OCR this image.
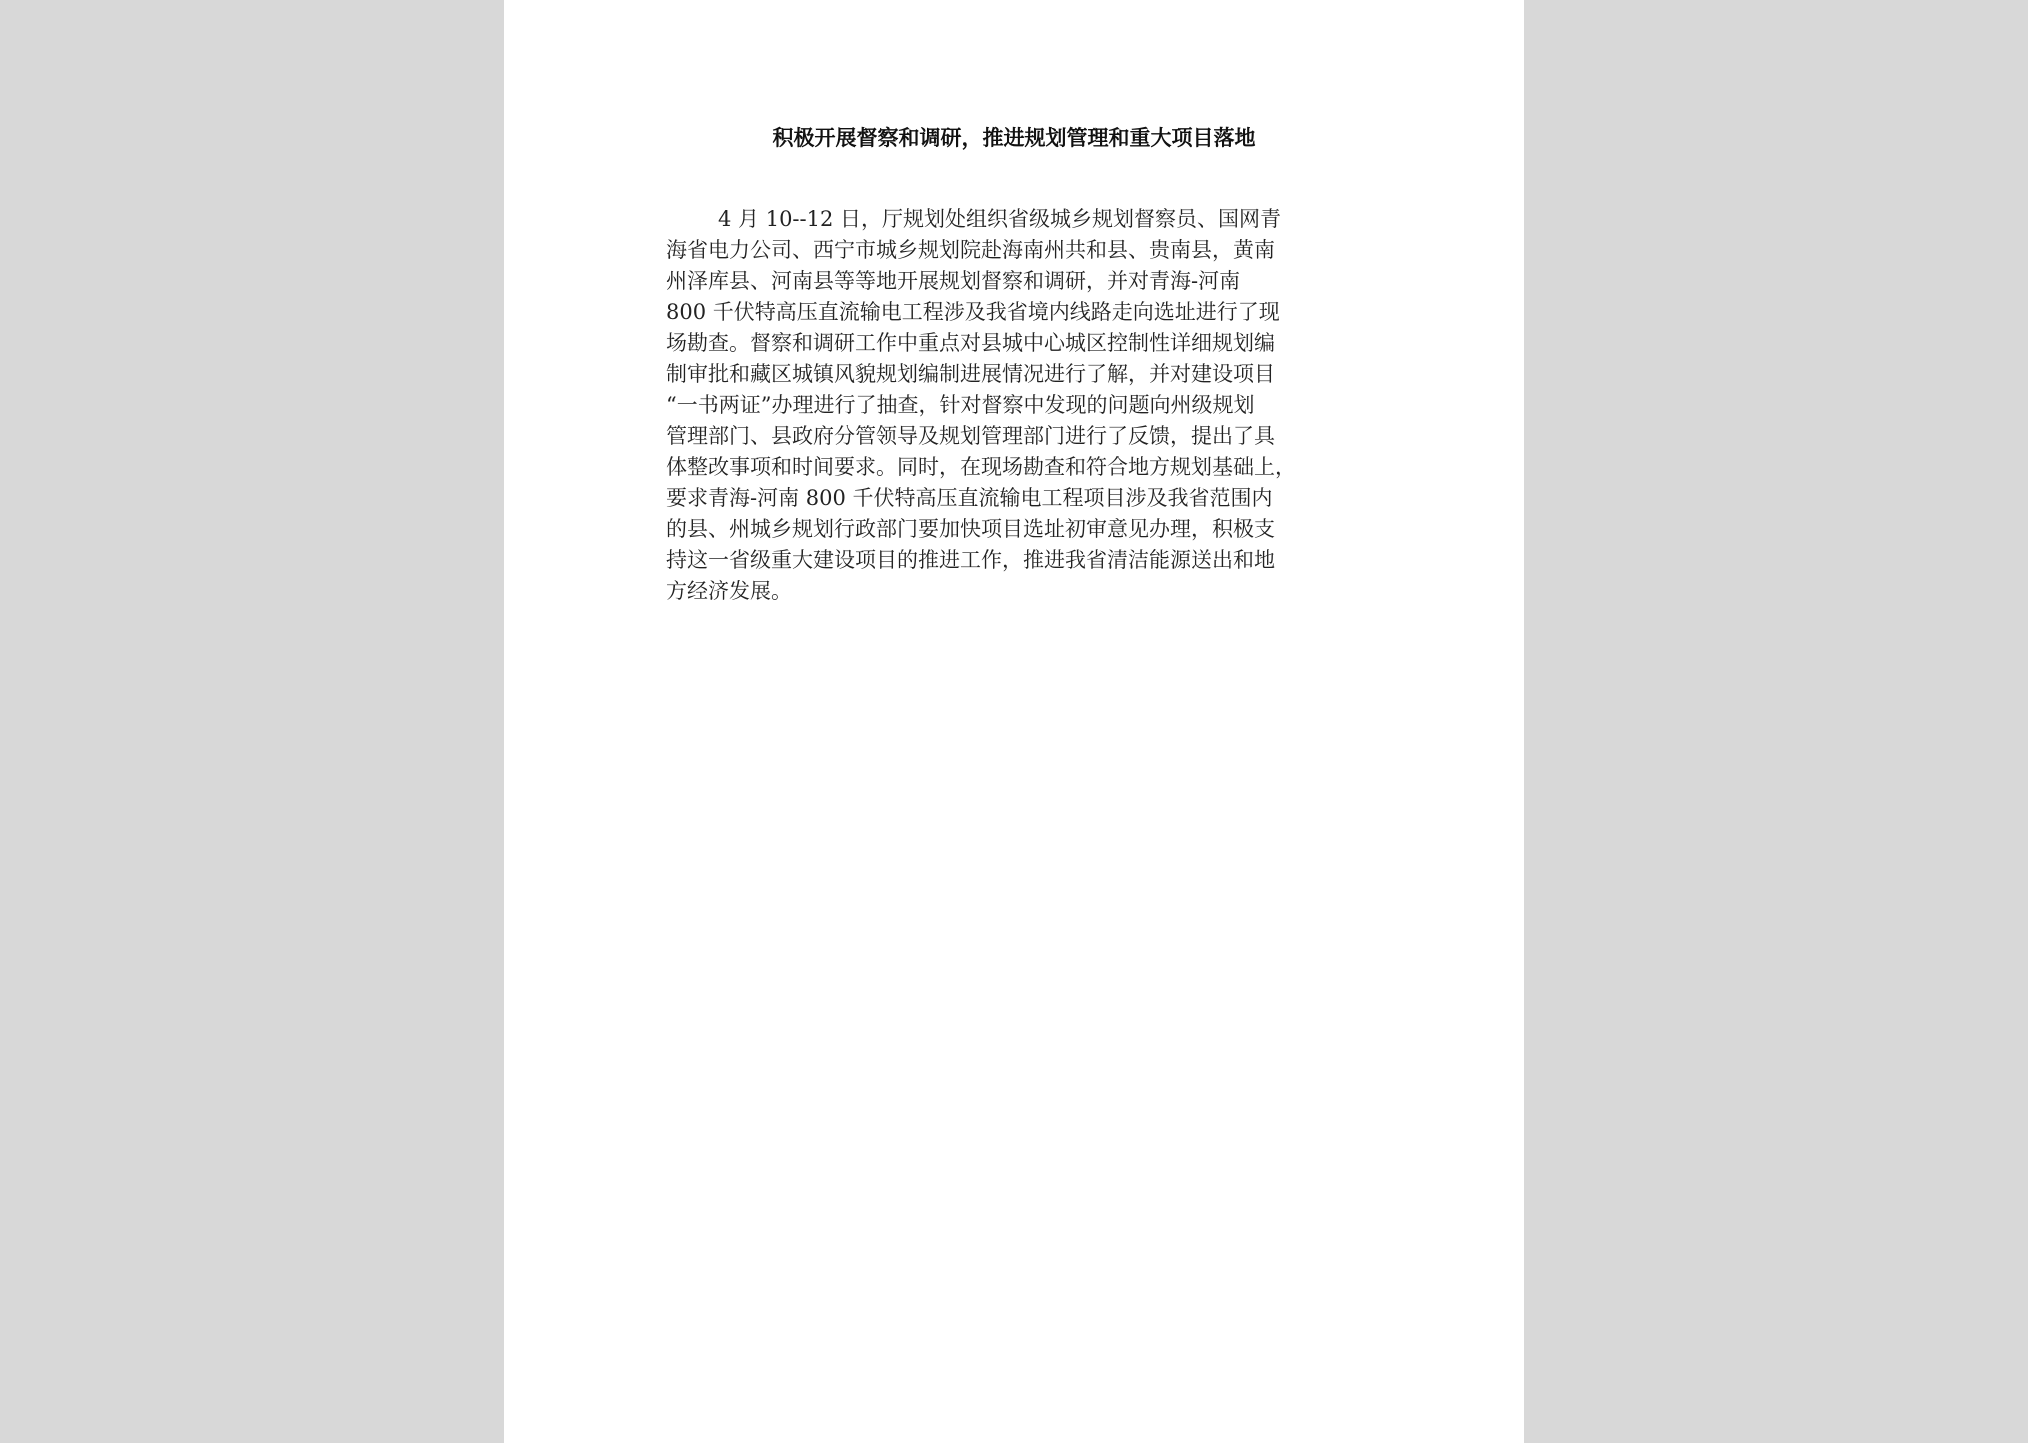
积极开展督察和调研，推进规划管理和重大项目落地
4 月 10--12 日，厅规划处组织省级城乡规划督察员、国网青
海省电力公司、西宁市城乡规划院赴海南州共和县、贵南县，黄南
州泽库县、河南县等等地开展规划督察和调研，并对青海-河南
800 千伏特高压直流输电工程涉及我省境内线路走向选址进行了现
场勘查。督察和调研工作中重点对县城中心城区控制性详细规划编
制审批和藏区城镇风貌规划编制进展情况进行了解，并对建设项目
“一书两证”办理进行了抽查，针对督察中发现的问题向州级规划
管理部门、县政府分管领导及规划管理部门进行了反馈，提出了具
体整改事项和时间要求。同时，在现场勘查和符合地方规划基础上，
要求青海-河南 800 千伏特高压直流输电工程项目涉及我省范围内
的县、州城乡规划行政部门要加快项目选址初审意见办理，积极支
持这一省级重大建设项目的推进工作，推进我省清洁能源送出和地
方经济发展。
